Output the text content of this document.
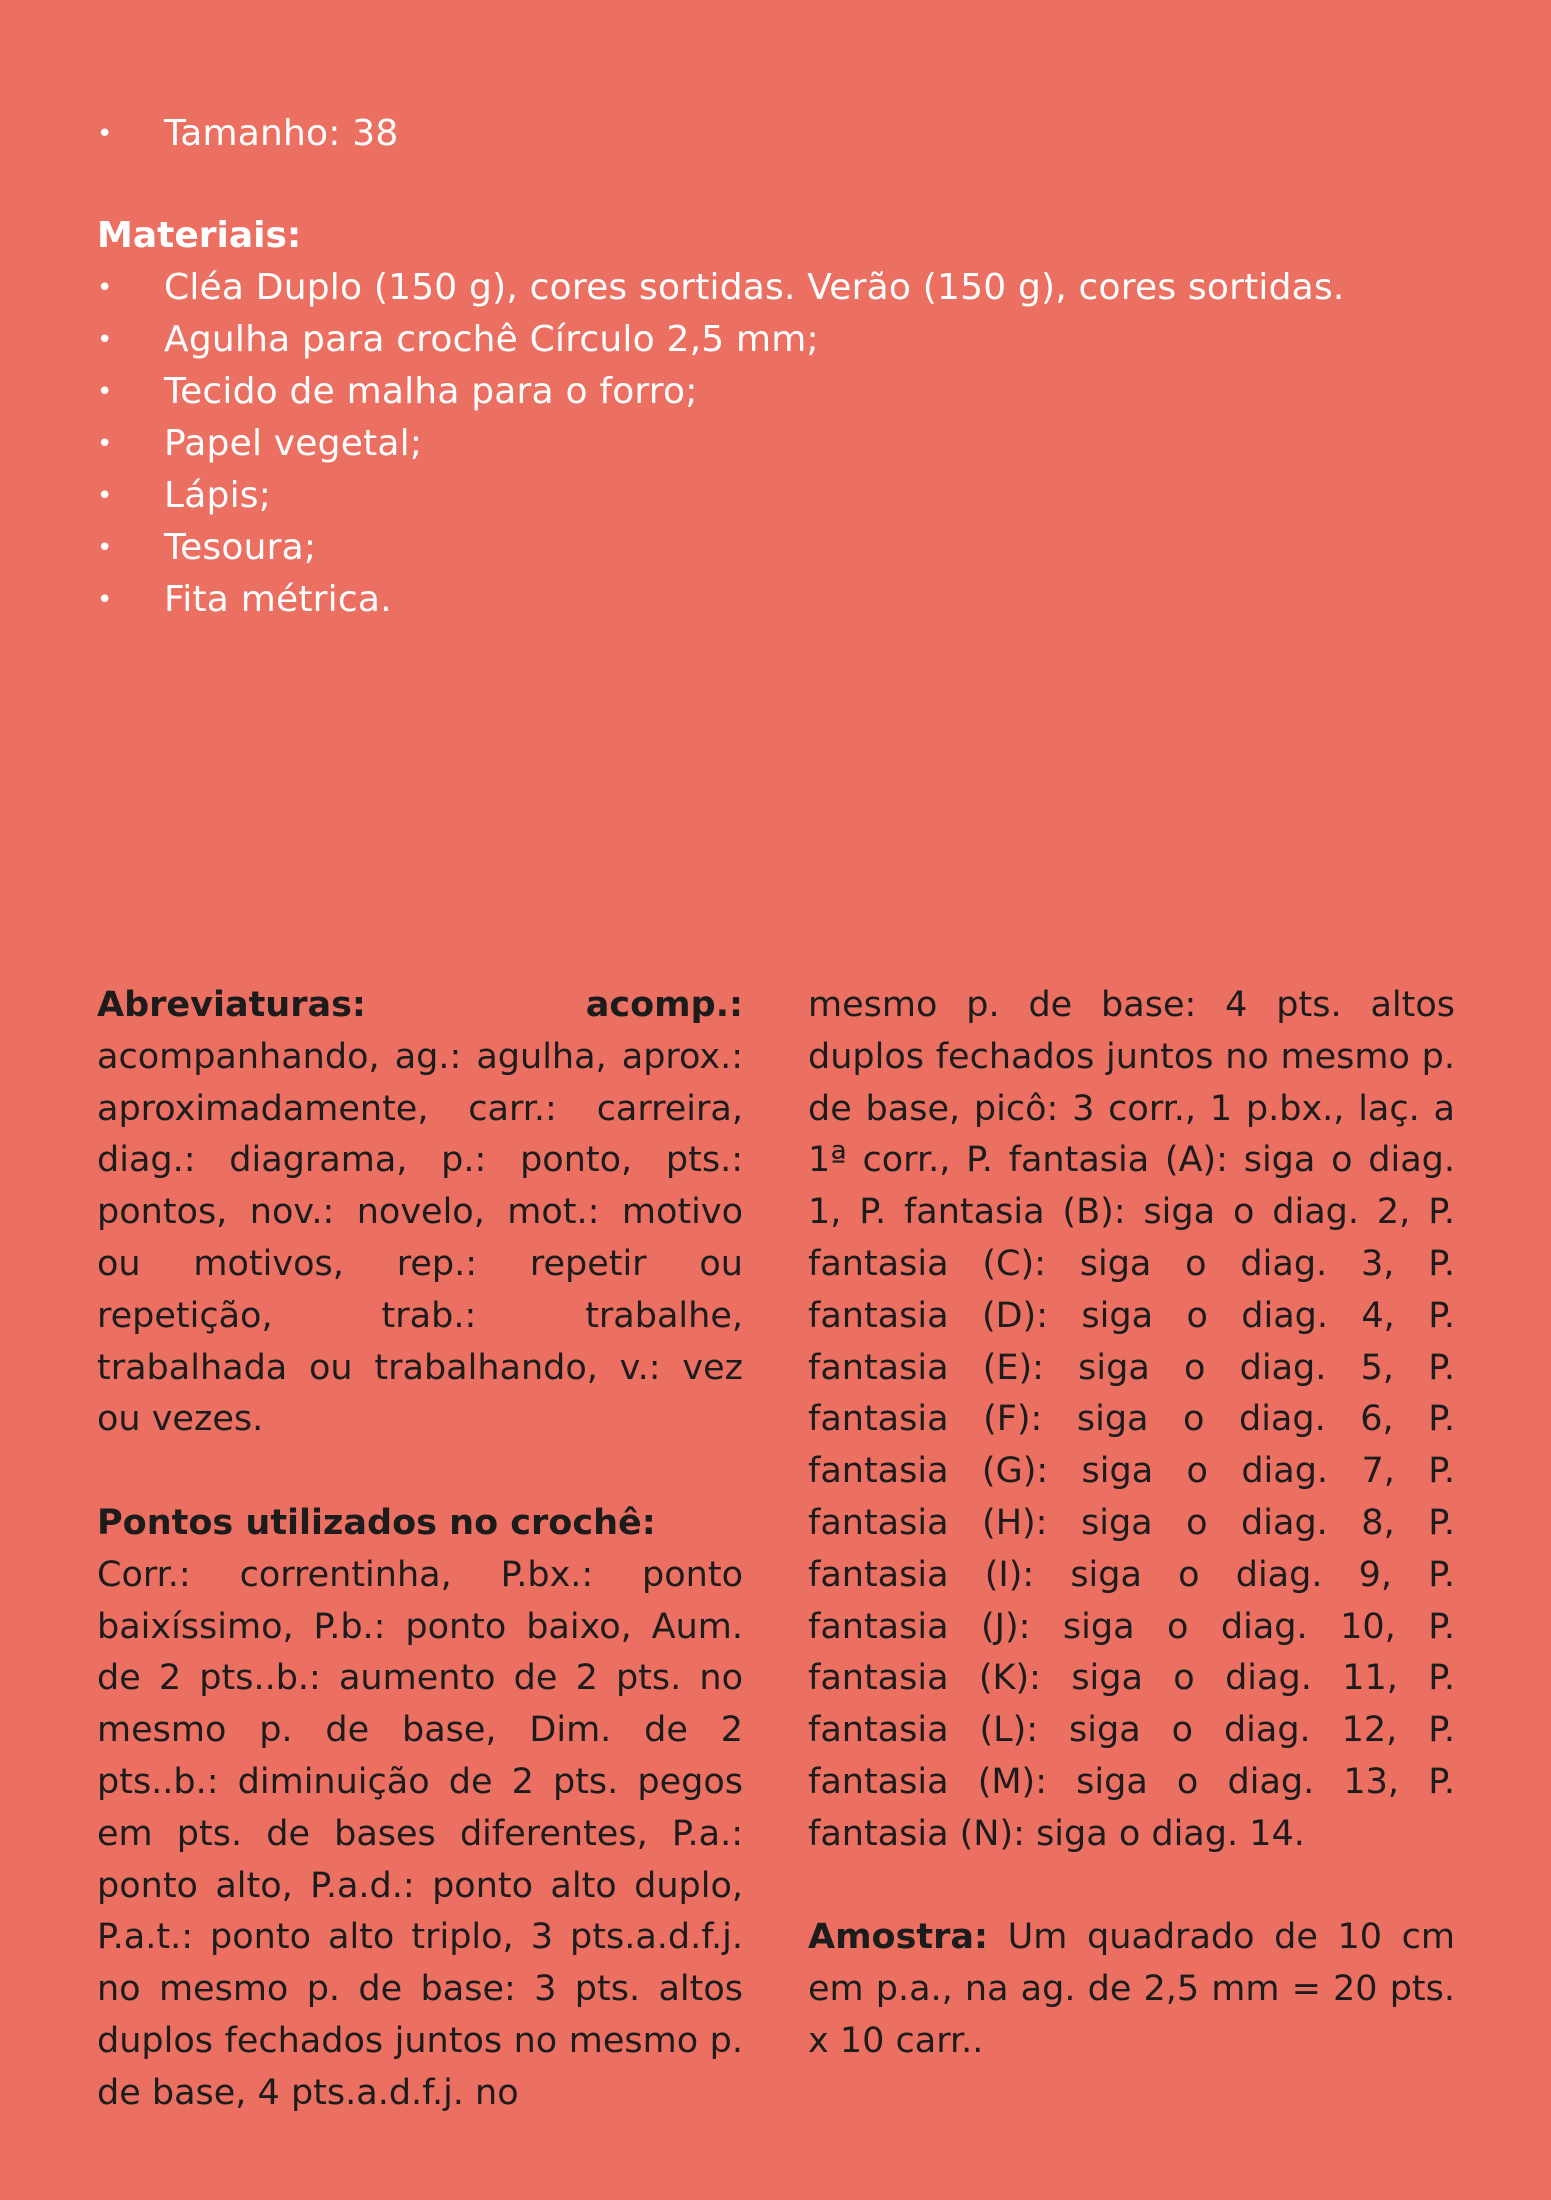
•	Tamanho: 38
Materiais:
•	Cléa Duplo (150 g), cores sortidas. Verão (150 g), cores sortidas.
•	Agulha para crochê Círculo 2,5 mm;
•	Tecido de malha para o forro;
•	Papel vegetal;
•	Lápis;
•	Tesoura;
•	Fita métrica.

Abreviaturas: acomp.: acompanhando, ag.: agulha, aprox.: aproximadamente, carr.: carreira, diag.: diagrama, p.: ponto, pts.: pontos, nov.: novelo, mot.: motivo ou motivos, rep.: repetir ou repetição, trab.: trabalhe, trabalhada ou trabalhando, v.: vez ou vezes.

Pontos utilizados no crochê:

Corr.: correntinha, P.bx.: ponto baixíssimo, P.b.: ponto baixo, Aum. de 2 pts..b.: aumento de 2 pts. no mesmo p. de base, Dim. de 2 pts..b.: diminuição de 2 pts. pegos em pts. de bases diferentes, P.a.: ponto alto, P.a.d.: ponto alto duplo, P.a.t.: ponto alto triplo, 3 pts.a.d.f.j. no mesmo p. de base: 3 pts. altos duplos fechados juntos no mesmo p. de base, 4 pts.a.d.f.j. no

mesmo p. de base: 4 pts. altos duplos fechados juntos no mesmo p. de base, picô: 3 corr., 1 p.bx., laç. a 1ª corr., P. fantasia (A): siga o diag. 1, P. fantasia (B): siga o diag. 2, P. fantasia (C): siga o diag. 3, P. fantasia (D): siga o diag. 4, P. fantasia (E): siga o diag. 5, P. fantasia (F): siga o diag. 6, P. fantasia (G): siga o diag. 7, P. fantasia (H): siga o diag. 8, P. fantasia (I): siga o diag. 9, P. fantasia (J): siga o diag. 10, P. fantasia (K): siga o diag. 11, P. fantasia (L): siga o diag. 12, P. fantasia (M): siga o diag. 13, P. fantasia (N): siga o diag. 14.

Amostra: Um quadrado de 10 cm em p.a., na ag. de 2,5 mm = 20 pts. x 10 carr..
